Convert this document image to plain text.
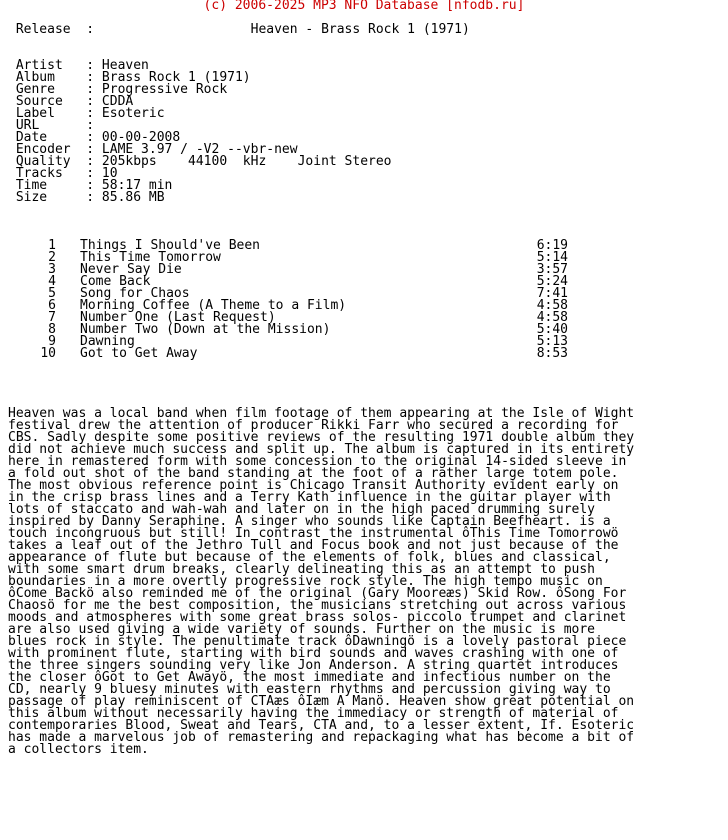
(c) 2006-2025 MP3 NFO Database [nfodb.ru]
Release  :                    Heaven - Brass Rock 1 (1971)
Artist   : Heaven
Album    : Brass Rock 1 (1971)
Genre    : Progressive Rock
Source   : CDDA
Label    : Esoteric
URL      :
Date     : 00-00-2008
Encoder  : LAME 3.97 / -V2 --vbr-new
Quality  : 205kbps    44100  kHz    Joint Stereo
Tracks   : 10
Time     : 58:17 min
Size     : 85.86 MB
1 Things I Should've Been	6:19
2 This Time Tomorrow	5:14
3 Never Say Die	3:57
4 Come Back	5:24
5 Song for Chaos	7:41
6 Morning Coffee (A Theme to a Film)	4:58
7 Number One (Last Request)	4:58
8 Number Two (Down at the Mission)	5:40
9 Dawning	5:13
10 Got to Get Away	8:53
Heaven was a local band when film footage of them appearing at the Isle of Wight
festival drew the attention of producer Rikki Farr who secured a recording for
CBS. Sadly despite some positive reviews of the resulting 1971 double album they
did not achieve much success and split up. The album is captured in its entirety
here in remastered form with some concession to the original 14-sided sleeve in
a fold out shot of the band standing at the foot of a rather large totem pole.
The most obvious reference point is Chicago Transit Authority evident early on
in the crisp brass lines and a Terry Kath influence in the guitar player with
lots of staccato and wah-wah and later on in the high paced drumming surely
inspired by Danny Seraphine. A singer who sounds like Captain Beefheart. is a
touch incongruous but still! In contrast the instrumental ôThis Time Tomorrowö
takes a leaf out of the Jethro Tull and Focus book and not just because of the
appearance of flute but because of the elements of folk, blues and classical,
with some smart drum breaks, clearly delineating this as an attempt to push
boundaries in a more overtly progressive rock style. The high tempo music on
ôCome Backö also reminded me of the original (Gary Mooreæs) Skid Row. ôSong For
Chaosö for me the best composition, the musicians stretching out across various
moods and atmospheres with some great brass solos- piccolo trumpet and clarinet
are also used giving a wide variety of sounds. Further on the music is more
blues rock in style. The penultimate track ôDawningö is a lovely pastoral piece
with prominent flute, starting with bird sounds and waves crashing with one of
the three singers sounding very like Jon Anderson. A string quartet introduces
the closer ôGot to Get Awayö, the most immediate and infectious number on the
CD, nearly 9 bluesy minutes with eastern rhythms and percussion giving way to
passage of play reminiscent of CTAæs ôIæm A Manö. Heaven show great potential on
this album without necessarily having the immediacy or strength of material of
contemporaries Blood, Sweat and Tears, CTA and, to a lesser extent, If. Esoteric
has made a marvelous job of remastering and repackaging what has become a bit of
a collectors item.
